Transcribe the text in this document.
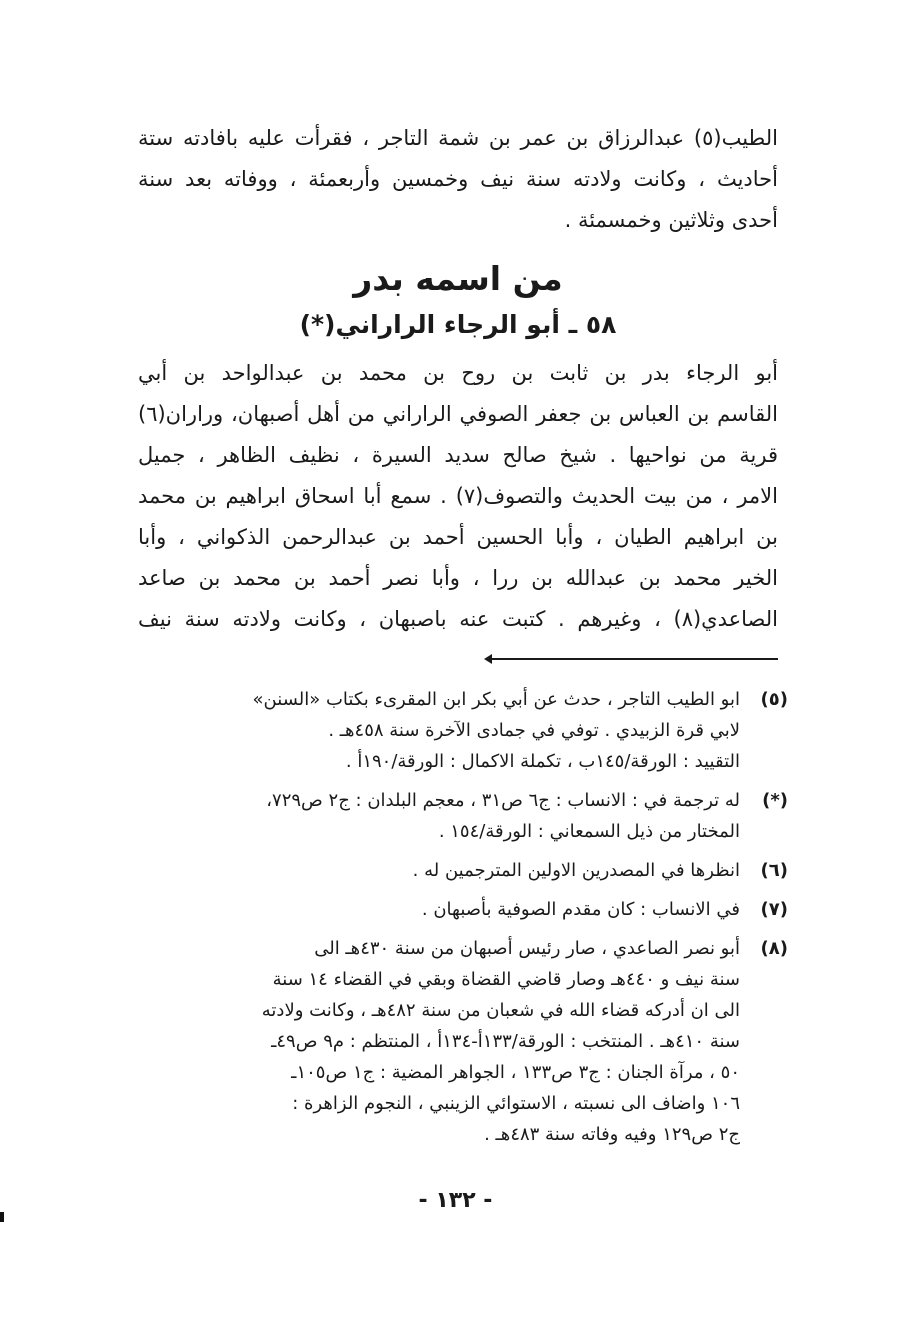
الطيب(٥) عبدالرزاق بن عمر بن شمة التاجر ، فقرأت عليه بافادته ستة
أحاديث ، وكانت ولادته سنة نيف وخمسين وأربعمئة ، ووفاته بعد سنة
أحدى وثلاثين وخمسمئة .
من اسمه بدر
٥٨ ـ أبو الرجاء الراراني(*)
أبو الرجاء بدر بن ثابت بن روح بن محمد بن عبدالواحد بن أبي
القاسم بن العباس بن جعفر الصوفي الراراني من أهل أصبهان، وراران(٦)
قرية من نواحيها . شيخ صالح سديد السيرة ، نظيف الظاهر ، جميل
الامر ، من بيت الحديث والتصوف(٧) . سمع أبا اسحاق ابراهيم بن محمد
بن ابراهيم الطيان ، وأبا الحسين أحمد بن عبدالرحمن الذكواني ، وأبا
الخير محمد بن عبدالله بن ررا ، وأبا نصر أحمد بن محمد بن صاعد
الصاعدي(٨) ، وغيرهم . كتبت عنه باصبهان ، وكانت ولادته سنة نيف
(٥)
ابو الطيب التاجر ، حدث عن أبي بكر ابن المقرىء بكتاب «السنن»
لابي قرة الزبيدي . توفي في جمادى الآخرة سنة ٤٥٨هـ .
التقييد : الورقة/١٤٥ب ، تكملة الاكمال : الورقة/١٩٠أ .
(*)
له ترجمة في : الانساب : ج٦ ص٣١ ، معجم البلدان : ج٢ ص٧٢٩،
المختار من ذيل السمعاني : الورقة/١٥٤ .
(٦)
انظرها في المصدرين الاولين المترجمين له .
(٧)
في الانساب : كان مقدم الصوفية بأصبهان .
(٨)
أبو نصر الصاعدي ، صار رئيس أصبهان من سنة ٤٣٠هـ الى
سنة نيف و ٤٤٠هـ وصار قاضي القضاة وبقي في القضاء ١٤ سنة
الى ان أدركه قضاء الله في شعبان من سنة ٤٨٢هـ ، وكانت ولادته
سنة ٤١٠هـ . المنتخب : الورقة/١٣٣أ-١٣٤أ ، المنتظم : م٩ ص٤٩ـ
٥٠ ، مرآة الجنان : ج٣ ص١٣٣ ، الجواهر المضية : ج١ ص١٠٥ـ
١٠٦ واضاف الى نسبته ، الاستوائي الزينبي ، النجوم الزاهرة :
ج٢ ص١٢٩ وفيه وفاته سنة ٤٨٣هـ .
- ١٣٢ -
